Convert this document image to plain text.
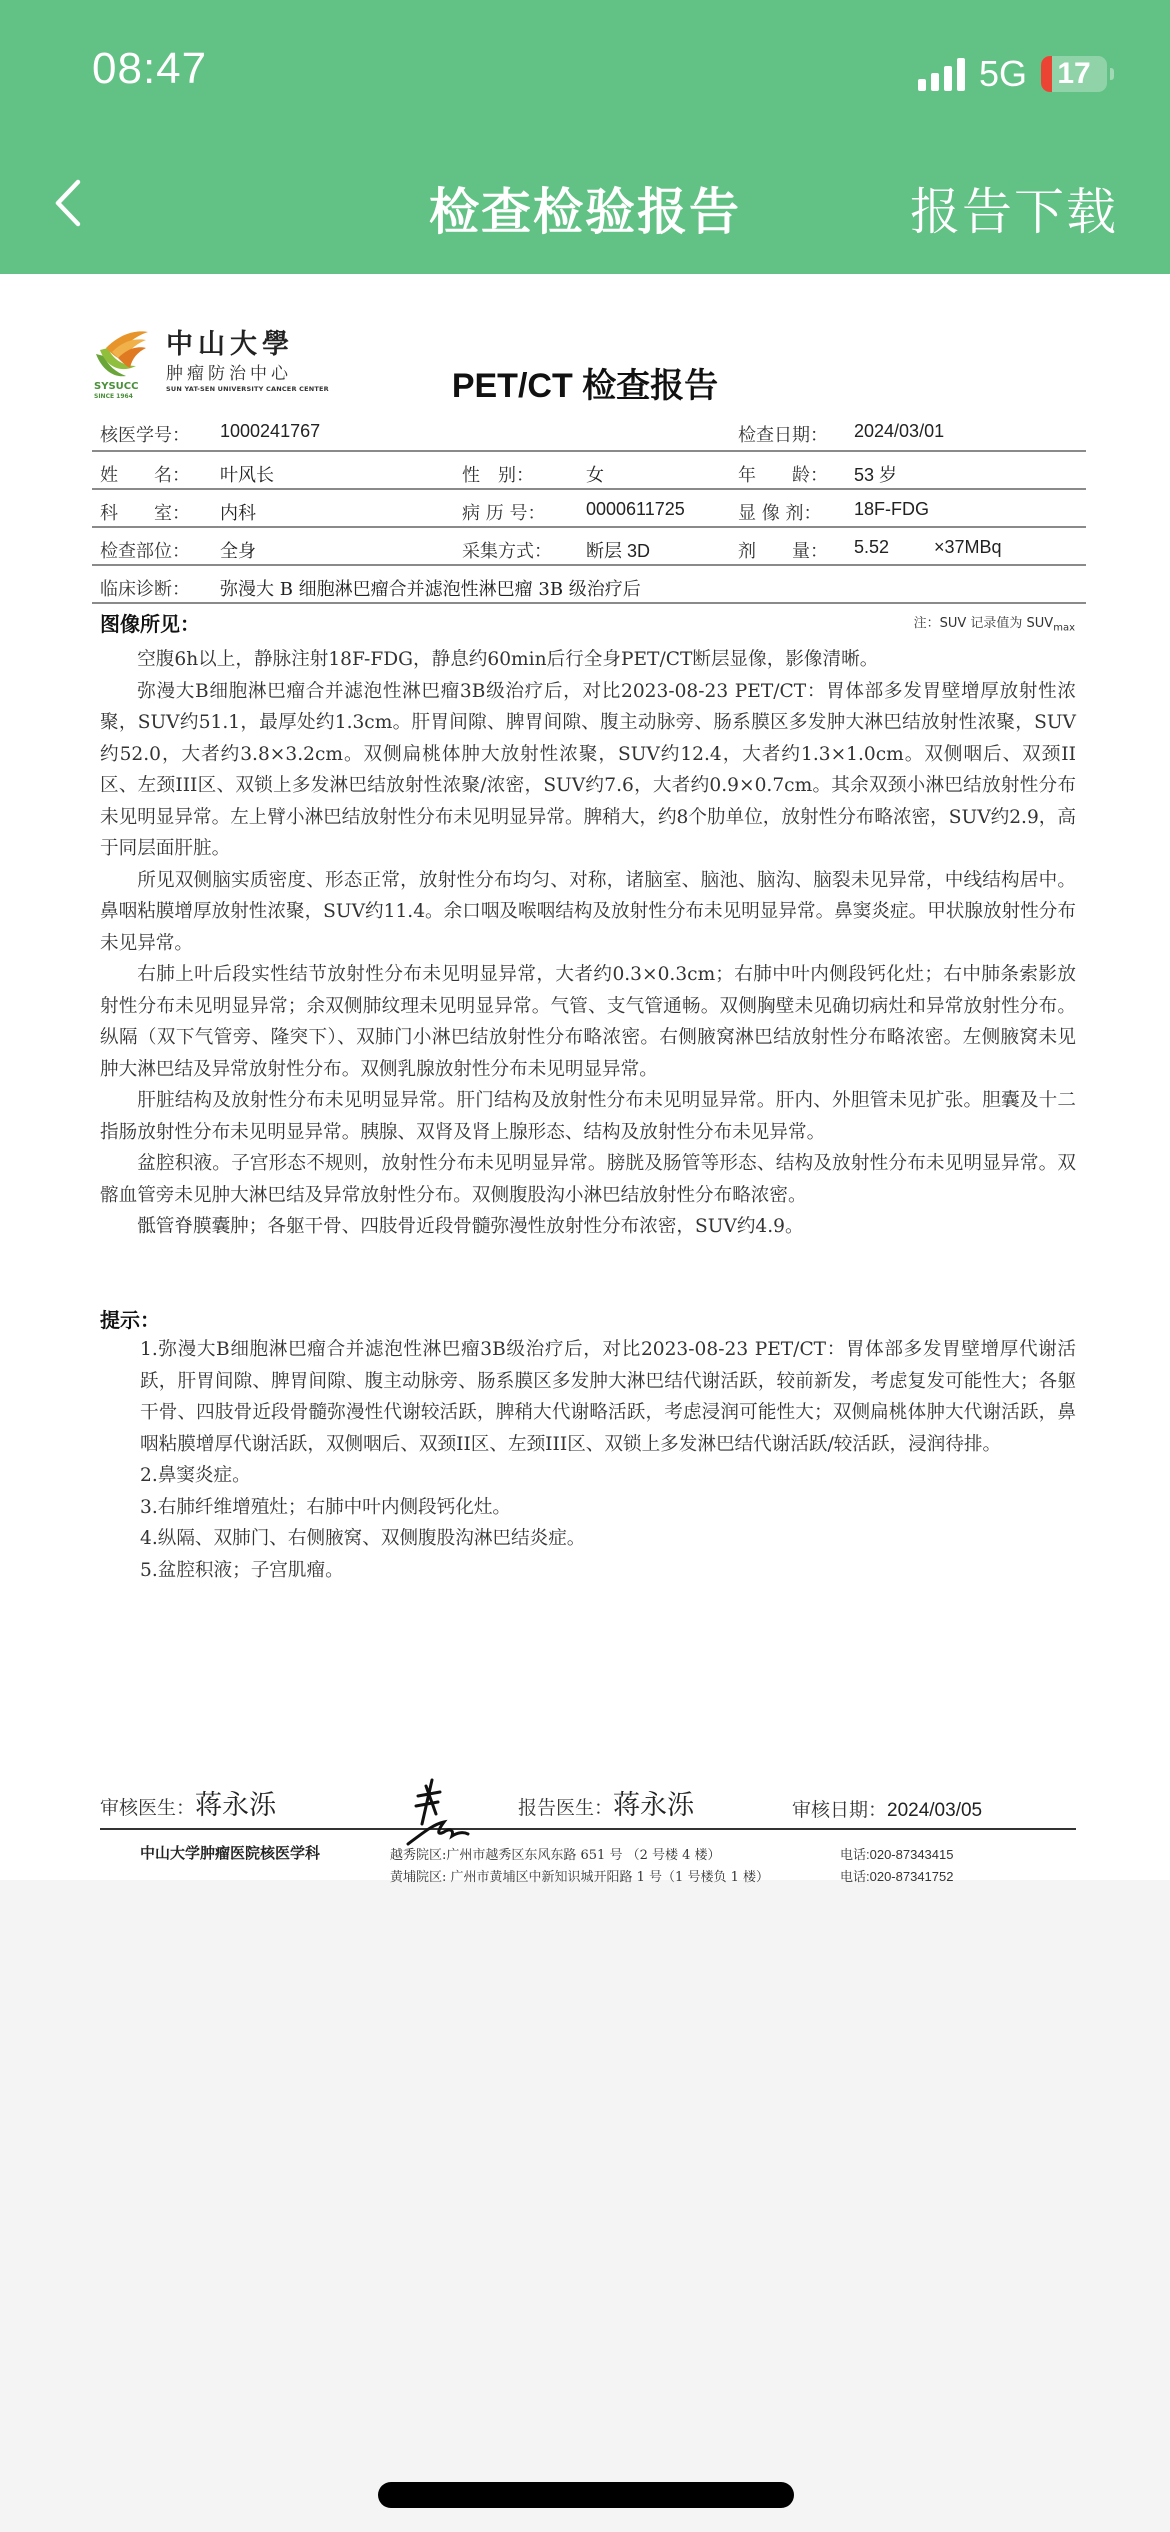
08:47	5G 17
检查检验报告	报告下载
SYSUCC
SINCE 1964
中山大學
肿瘤防治中心
SUN YAT-SEN UNIVERSITY CANCER CENTER	PET/CT 检查报告
核医学号： 1000241767	检查日期： 2024/03/01
姓　　名： 叶风长	性　别：	女	年　　龄： 53 岁
科　　室： 内科	病 历 号： 0000611725	显 像 剂： 18F-FDG
检查部位： 全身	采集方式： 断层 3D	剂　　量： 5.52 ×37MBq
临床诊断： 弥漫大 B 细胞淋巴瘤合并滤泡性淋巴瘤 3B 级治疗后
图像所见：	注：SUV 记录值为 $SUV_{max}$

空腹6h以上，静脉注射18F-FDG，静息约60min后行全身PET/CT断层显像，影像清晰。

弥漫大B细胞淋巴瘤合并滤泡性淋巴瘤3B级治疗后，对比2023-08-23 PET/CT：胃体部多发胃壁增厚放射性浓聚，SUV约51.1，最厚处约1.3cm。肝胃间隙、脾胃间隙、腹主动脉旁、肠系膜区多发肿大淋巴结放射性浓聚，SUV约52.0，大者约3.8×3.2cm。双侧扁桃体肿大放射性浓聚，SUV约12.4，大者约1.3×1.0cm。双侧咽后、双颈II区、左颈III区、双锁上多发淋巴结放射性浓聚/浓密，SUV约7.6，大者约0.9×0.7cm。其余双颈小淋巴结放射性分布未见明显异常。左上臂小淋巴结放射性分布未见明显异常。脾稍大，约8个肋单位，放射性分布略浓密，SUV约2.9，高于同层面肝脏。

所见双侧脑实质密度、形态正常，放射性分布均匀、对称，诸脑室、脑池、脑沟、脑裂未见异常，中线结构居中。鼻咽粘膜增厚放射性浓聚，SUV约11.4。余口咽及喉咽结构及放射性分布未见明显异常。鼻窦炎症。甲状腺放射性分布未见异常。

右肺上叶后段实性结节放射性分布未见明显异常，大者约0.3×0.3cm；右肺中叶内侧段钙化灶；右中肺条索影放射性分布未见明显异常；余双侧肺纹理未见明显异常。气管、支气管通畅。双侧胸壁未见确切病灶和异常放射性分布。纵隔（双下气管旁、隆突下）、双肺门小淋巴结放射性分布略浓密。右侧腋窝淋巴结放射性分布略浓密。左侧腋窝未见肿大淋巴结及异常放射性分布。双侧乳腺放射性分布未见明显异常。

肝脏结构及放射性分布未见明显异常。肝门结构及放射性分布未见明显异常。肝内、外胆管未见扩张。胆囊及十二指肠放射性分布未见明显异常。胰腺、双肾及肾上腺形态、结构及放射性分布未见异常。

盆腔积液。子宫形态不规则，放射性分布未见明显异常。膀胱及肠管等形态、结构及放射性分布未见明显异常。双髂血管旁未见肿大淋巴结及异常放射性分布。双侧腹股沟小淋巴结放射性分布略浓密。

骶管脊膜囊肿；各躯干骨、四肢骨近段骨髓弥漫性放射性分布浓密，SUV约4.9。

提示：

1.弥漫大B细胞淋巴瘤合并滤泡性淋巴瘤3B级治疗后，对比2023-08-23 PET/CT：胃体部多发胃壁增厚代谢活跃，肝胃间隙、脾胃间隙、腹主动脉旁、肠系膜区多发肿大淋巴结代谢活跃，较前新发，考虑复发可能性大；各躯干骨、四肢骨近段骨髓弥漫性代谢较活跃，脾稍大代谢略活跃，考虑浸润可能性大；双侧扁桃体肿大代谢活跃，鼻咽粘膜增厚代谢活跃，双侧咽后、双颈II区、左颈III区、双锁上多发淋巴结代谢活跃/较活跃，浸润待排。

2.鼻窦炎症。

3.右肺纤维增殖灶；右肺中叶内侧段钙化灶。

4.纵隔、双肺门、右侧腋窝、双侧腹股沟淋巴结炎症。

5.盆腔积液；子宫肌瘤。

审核医生：蒋永泺	报告医生：蒋永泺	审核日期：2024/03/05
中山大学肿瘤医院核医学科	越秀院区:广州市越秀区东风东路 651 号 （2 号楼 4 楼）	电话:020-87343415
黄埔院区: 广州市黄埔区中新知识城开阳路 1 号（1 号楼负 1 楼）	电话:020-87341752
